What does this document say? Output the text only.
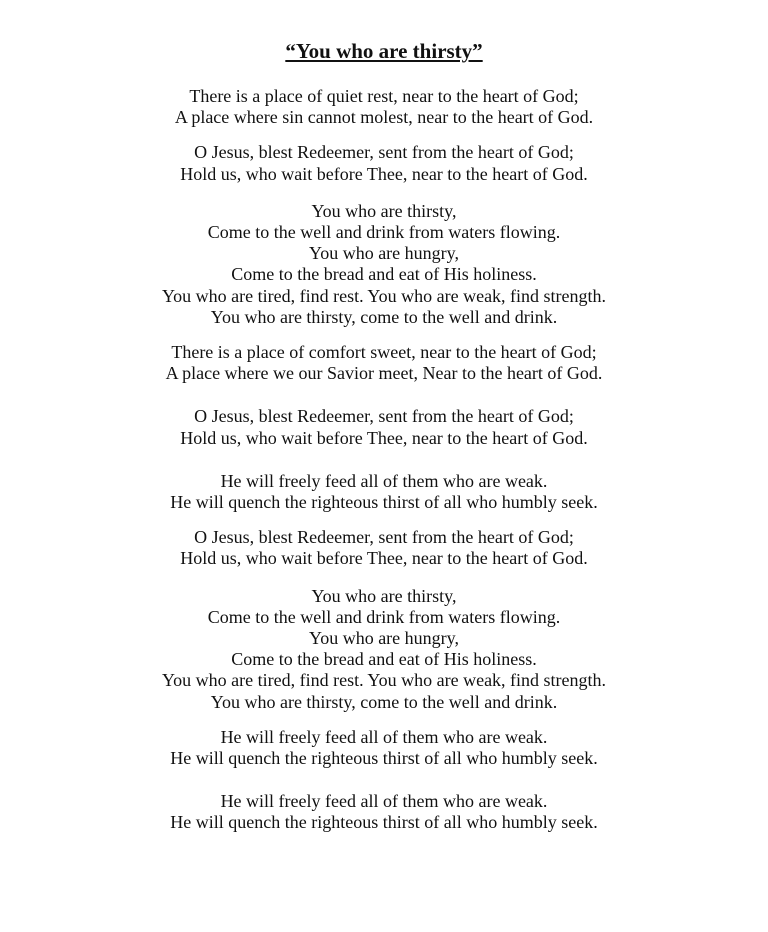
“You who are thirsty”
There is a place of quiet rest, near to the heart of God;
A place where sin cannot molest, near to the heart of God.
O Jesus, blest Redeemer, sent from the heart of God;
Hold us, who wait before Thee, near to the heart of God.
You who are thirsty,
Come to the well and drink from waters flowing.
You who are hungry,
Come to the bread and eat of His holiness.
You who are tired, find rest. You who are weak, find strength.
You who are thirsty, come to the well and drink.
There is a place of comfort sweet, near to the heart of God;
A place where we our Savior meet, Near to the heart of God.
O Jesus, blest Redeemer, sent from the heart of God;
Hold us, who wait before Thee, near to the heart of God.
He will freely feed all of them who are weak.
He will quench the righteous thirst of all who humbly seek.
O Jesus, blest Redeemer, sent from the heart of God;
Hold us, who wait before Thee, near to the heart of God.
You who are thirsty,
Come to the well and drink from waters flowing.
You who are hungry,
Come to the bread and eat of His holiness.
You who are tired, find rest. You who are weak, find strength.
You who are thirsty, come to the well and drink.
He will freely feed all of them who are weak.
He will quench the righteous thirst of all who humbly seek.
He will freely feed all of them who are weak.
He will quench the righteous thirst of all who humbly seek.
